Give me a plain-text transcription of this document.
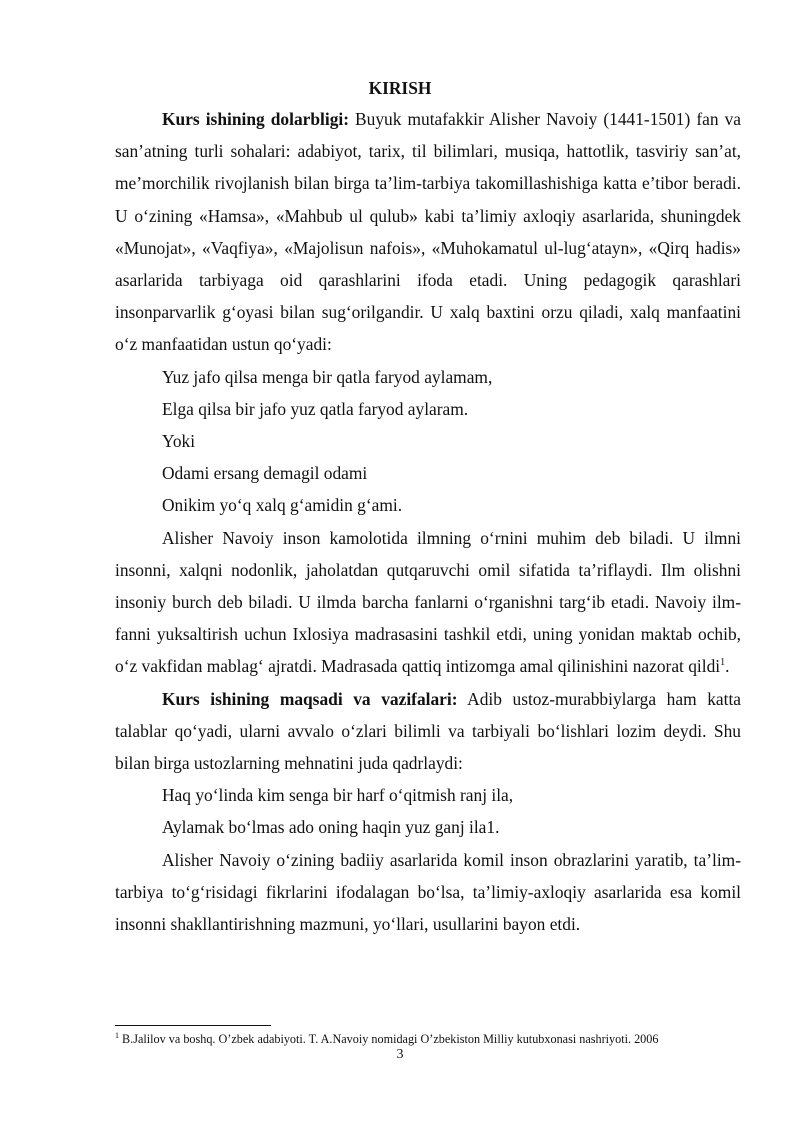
KIRISH

Kurs ishining dolarbligi: Buyuk mutafakkir Alisher Navoiy (1441-1501) fan va san’atning turli sohalari: adabiyot, tarix, til bilimlari, musiqa, hattotlik, tasviriy san’at, me’morchilik rivojlanish bilan birga ta’lim-tarbiya takomillashishiga katta e’tibor beradi. U o‘zining «Hamsa», «Mahbub ul qulub» kabi ta’limiy axloqiy asarlarida, shuningdek «Munojat», «Vaqfiya», «Majolisun nafois», «Muhokamatul ul-lug‘atayn», «Qirq hadis» asarlarida tarbiyaga oid qarashlarini ifoda etadi. Uning pedagogik qarashlari insonparvarlik g‘oyasi bilan sug‘orilgandir. U xalq baxtini orzu qiladi, xalq manfaatini o‘z manfaatidan ustun qo‘yadi:

Yuz jafo qilsa menga bir qatla faryod aylamam,

Elga qilsa bir jafo yuz qatla faryod aylaram.

Yoki

Odami ersang demagil odami

Onikim yo‘q xalq g‘amidin g‘ami.

Alisher Navoiy inson kamolotida ilmning o‘rnini muhim deb biladi. U ilmni insonni, xalqni nodonlik, jaholatdan qutqaruvchi omil sifatida ta’riflaydi. Ilm olishni insoniy burch deb biladi. U ilmda barcha fanlarni o‘rganishni targ‘ib etadi. Navoiy ilm-fanni yuksaltirish uchun Ixlosiya madrasasini tashkil etdi, uning yonidan maktab ochib, o‘z vakfidan mablag‘ ajratdi. Madrasada qattiq intizomga amal qilinishini nazorat qildi$^1$.

Kurs ishining maqsadi va vazifalari: Adib ustoz-murabbiylarga ham katta talablar qo‘yadi, ularni avvalo o‘zlari bilimli va tarbiyali bo‘lishlari lozim deydi. Shu bilan birga ustozlarning mehnatini juda qadrlaydi:

Haq yo‘linda kim senga bir harf o‘qitmish ranj ila,

Aylamak bo‘lmas ado oning haqin yuz ganj ila1.

Alisher Navoiy o‘zining badiiy asarlarida komil inson obrazlarini yaratib, ta’lim-tarbiya to‘g‘risidagi fikrlarini ifodalagan bo‘lsa, ta’limiy-axloqiy asarlarida esa komil insonni shakllantirishning mazmuni, yo‘llari, usullarini bayon etdi.

$^1$ B.Jalilov va boshq. O’zbek adabiyoti. T. A.Navoiy nomidagi O’zbekiston Milliy kutubxonasi nashriyoti. 2006
3
